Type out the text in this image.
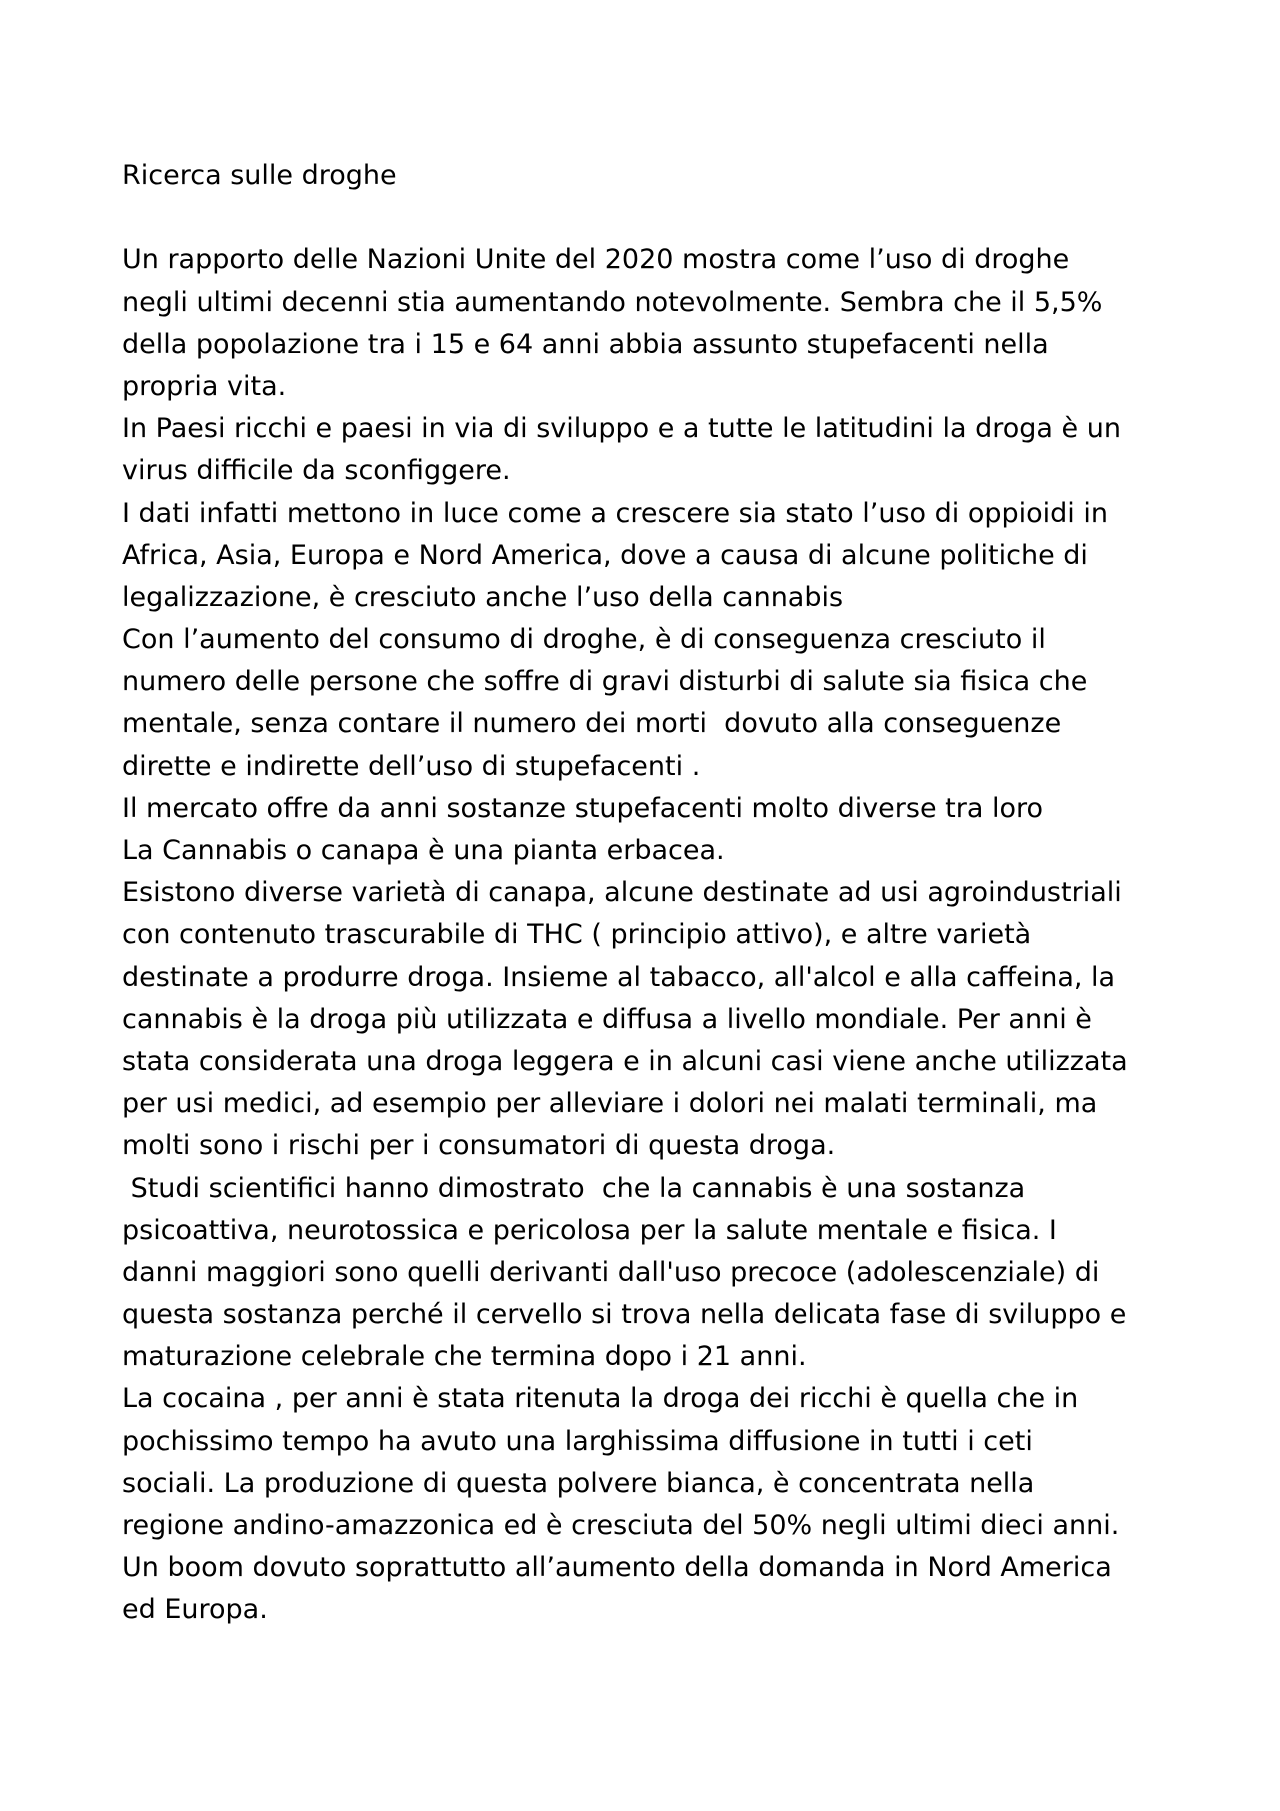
Ricerca sulle droghe
Un rapporto delle Nazioni Unite del 2020 mostra come l’uso di droghe
negli ultimi decenni stia aumentando notevolmente. Sembra che il 5,5%
della popolazione tra i 15 e 64 anni abbia assunto stupefacenti nella
propria vita.
In Paesi ricchi e paesi in via di sviluppo e a tutte le latitudini la droga è un
virus difficile da sconfiggere.
I dati infatti mettono in luce come a crescere sia stato l’uso di oppioidi in
Africa, Asia, Europa e Nord America, dove a causa di alcune politiche di
legalizzazione, è cresciuto anche l’uso della cannabis
Con l’aumento del consumo di droghe, è di conseguenza cresciuto il
numero delle persone che soffre di gravi disturbi di salute sia fisica che
mentale, senza contare il numero dei morti  dovuto alla conseguenze
dirette e indirette dell’uso di stupefacenti .
Il mercato offre da anni sostanze stupefacenti molto diverse tra loro
La Cannabis o canapa è una pianta erbacea.
Esistono diverse varietà di canapa, alcune destinate ad usi agroindustriali
con contenuto trascurabile di THC ( principio attivo), e altre varietà
destinate a produrre droga. Insieme al tabacco, all'alcol e alla caffeina, la
cannabis è la droga più utilizzata e diffusa a livello mondiale. Per anni è
stata considerata una droga leggera e in alcuni casi viene anche utilizzata
per usi medici, ad esempio per alleviare i dolori nei malati terminali, ma
molti sono i rischi per i consumatori di questa droga.
Studi scientifici hanno dimostrato  che la cannabis è una sostanza
psicoattiva, neurotossica e pericolosa per la salute mentale e fisica. I
danni maggiori sono quelli derivanti dall'uso precoce (adolescenziale) di
questa sostanza perché il cervello si trova nella delicata fase di sviluppo e
maturazione celebrale che termina dopo i 21 anni.
La cocaina , per anni è stata ritenuta la droga dei ricchi è quella che in
pochissimo tempo ha avuto una larghissima diffusione in tutti i ceti
sociali. La produzione di questa polvere bianca, è concentrata nella
regione andino-amazzonica ed è cresciuta del 50% negli ultimi dieci anni.
Un boom dovuto soprattutto all’aumento della domanda in Nord America
ed Europa.
